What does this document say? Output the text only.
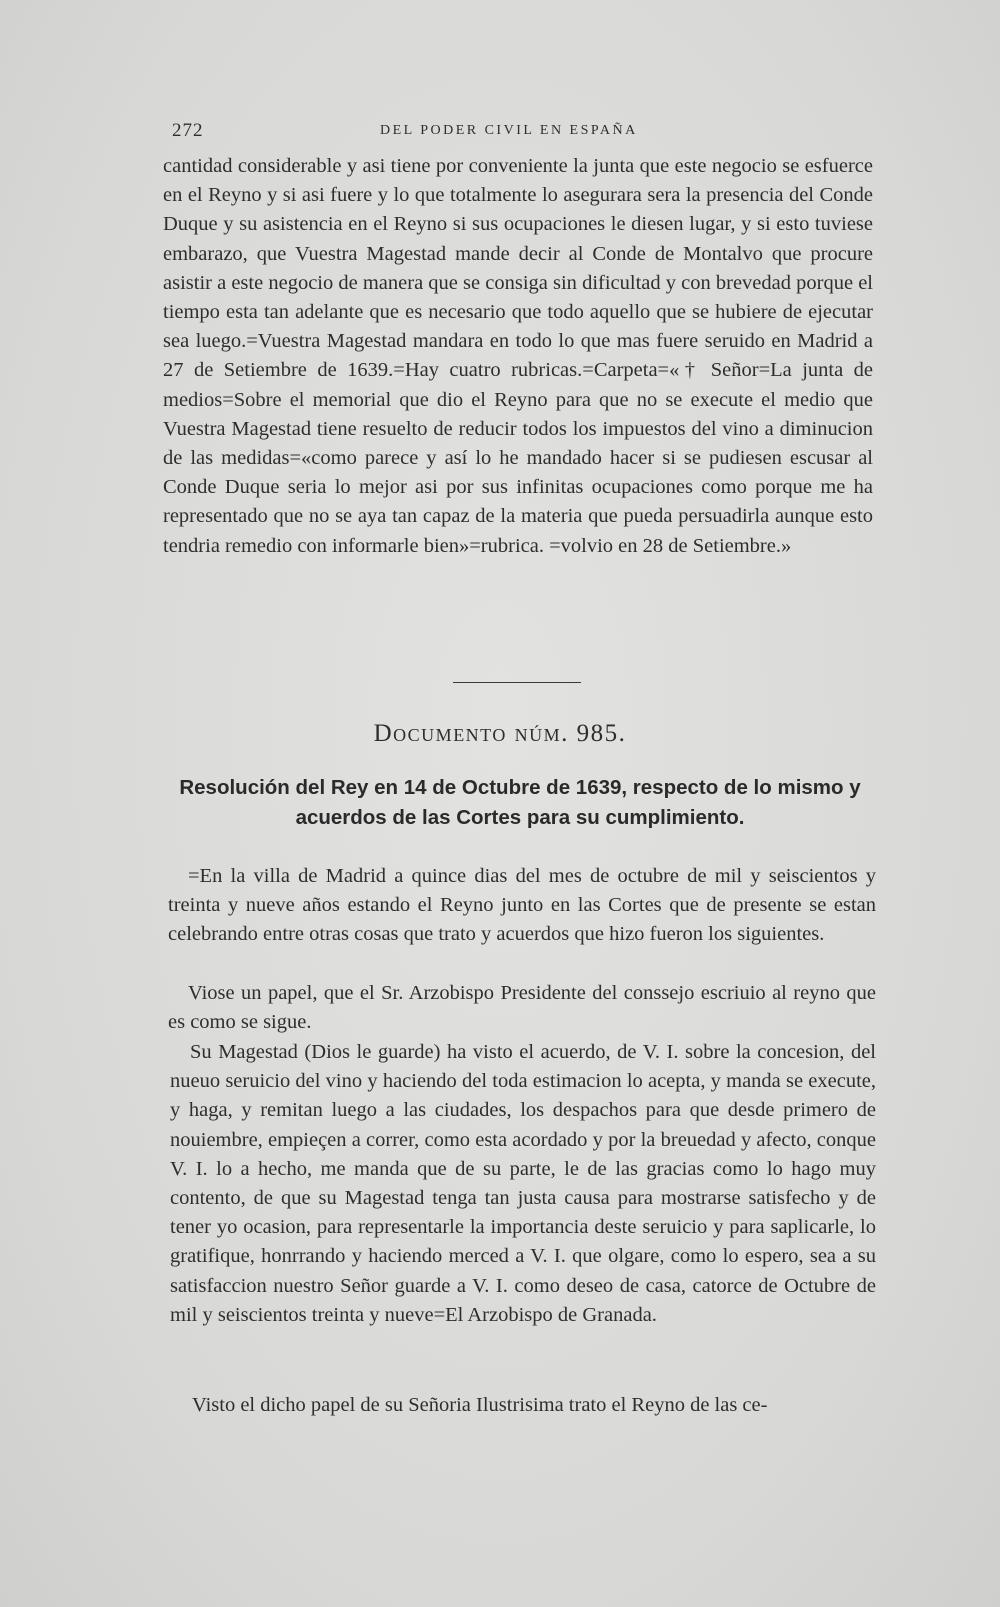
272	DEL PODER CIVIL EN ESPAÑA

cantidad considerable y asi tiene por conveniente la junta que este negocio se esfuerce en el Reyno y si asi fuere y lo que totalmente lo asegurara sera la presencia del Conde Duque y su asistencia en el Reyno si sus ocupaciones le diesen lugar, y si esto tuviese embarazo, que Vuestra Magestad mande decir al Conde de Montalvo que procure asistir a este negocio de manera que se consiga sin dificultad y con brevedad porque el tiempo esta tan adelante que es necesario que todo aquello que se hubiere de ejecutar sea luego.=Vuestra Magestad mandara en todo lo que mas fuere seruido en Madrid a 27 de Setiembre de 1639.=Hay cuatro rubricas.=Carpeta=«† Señor=La junta de medios=Sobre el memorial que dio el Reyno para que no se execute el medio que Vuestra Magestad tiene resuelto de reducir todos los impuestos del vino a diminucion de las medidas=«como parece y así lo he mandado hacer si se pudiesen escusar al Conde Duque seria lo mejor asi por sus infinitas ocupaciones como porque me ha representado que no se aya tan capaz de la materia que pueda persuadirla aunque esto tendria remedio con informarle bien»=rubrica. =volvio en 28 de Setiembre.»

Documento núm. 985.
Resolución del Rey en 14 de Octubre de 1639, respecto de lo mismo y acuerdos de las Cortes para su cumplimiento.

=En la villa de Madrid a quince dias del mes de octubre de mil y seiscientos y treinta y nueve años estando el Reyno junto en las Cortes que de presente se estan celebrando entre otras cosas que trato y acuerdos que hizo fueron los siguientes.

Viose un papel, que el Sr. Arzobispo Presidente del conssejo escriuio al reyno que es como se sigue.

Su Magestad (Dios le guarde) ha visto el acuerdo, de V. I. sobre la concesion, del nueuo seruicio del vino y haciendo del toda estimacion lo acepta, y manda se execute, y haga, y remitan luego a las ciudades, los despachos para que desde primero de nouiembre, empieçen a correr, como esta acordado y por la breuedad y afecto, conque V. I. lo a hecho, me manda que de su parte, le de las gracias como lo hago muy contento, de que su Magestad tenga tan justa causa para mostrarse satisfecho y de tener yo ocasion, para representarle la importancia deste seruicio y para saplicarle, lo gratifique, honrrando y haciendo merced a V. I. que olgare, como lo espero, sea a su satisfaccion nuestro Señor guarde a V. I. como deseo de casa, catorce de Octubre de mil y seiscientos treinta y nueve=El Arzobispo de Granada.

Visto el dicho papel de su Señoria Ilustrisima trato el Reyno de las ce-
